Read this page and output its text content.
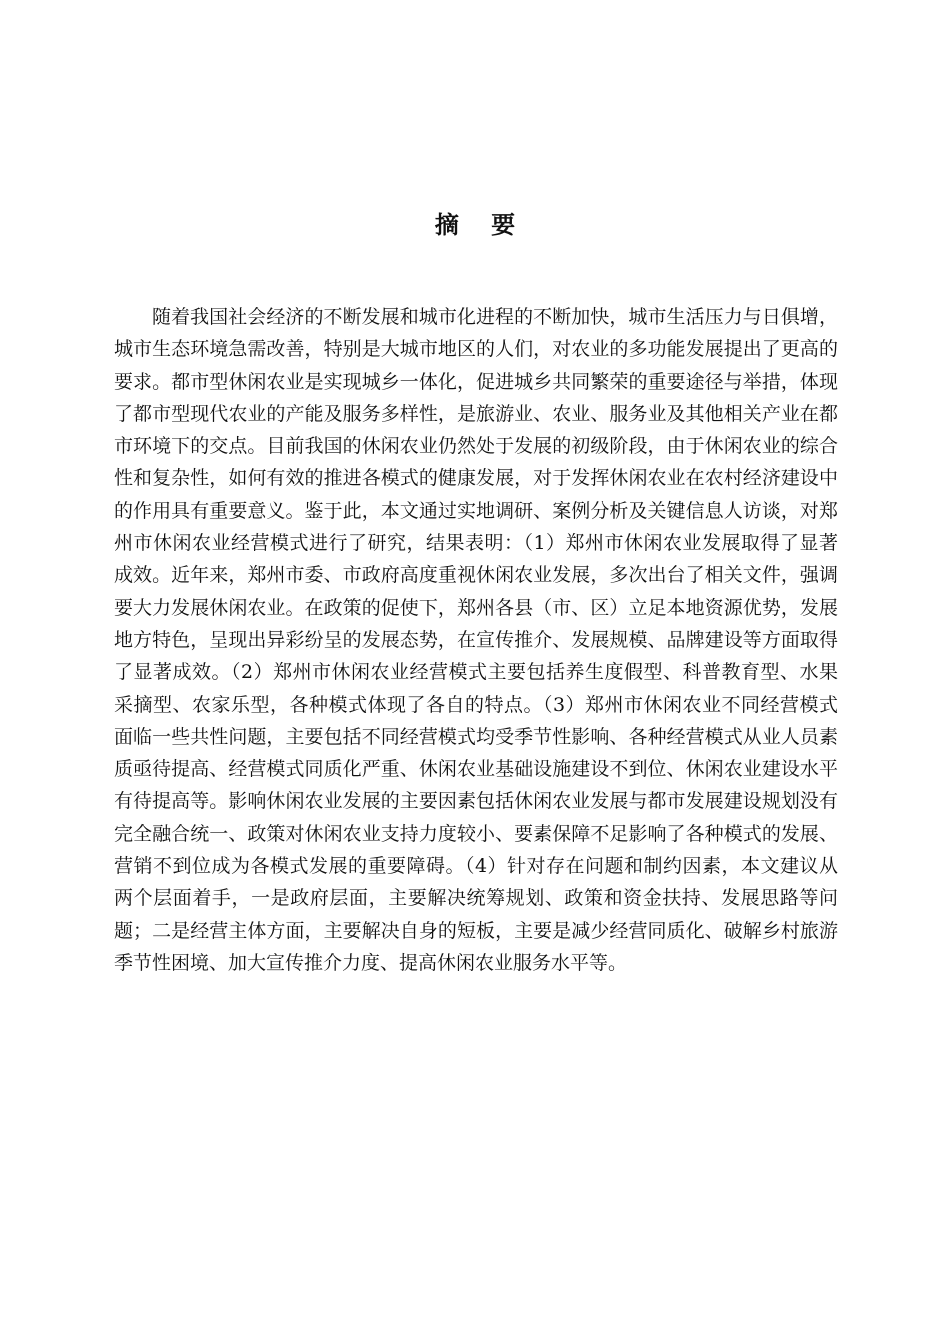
摘 要

随着我国社会经济的不断发展和城市化进程的不断加快，城市生活压力与日俱增，城市生态环境急需改善，特别是大城市地区的人们，对农业的多功能发展提出了更高的要求。都市型休闲农业是实现城乡一体化，促进城乡共同繁荣的重要途径与举措，体现了都市型现代农业的产能及服务多样性，是旅游业、农业、服务业及其他相关产业在都市环境下的交点。目前我国的休闲农业仍然处于发展的初级阶段，由于休闲农业的综合性和复杂性，如何有效的推进各模式的健康发展，对于发挥休闲农业在农村经济建设中的作用具有重要意义。鉴于此，本文通过实地调研、案例分析及关键信息人访谈，对郑州市休闲农业经营模式进行了研究，结果表明：（1）郑州市休闲农业发展取得了显著成效。近年来，郑州市委、市政府高度重视休闲农业发展，多次出台了相关文件，强调要大力发展休闲农业。在政策的促使下，郑州各县（市、区）立足本地资源优势，发展地方特色，呈现出异彩纷呈的发展态势，在宣传推介、发展规模、品牌建设等方面取得了显著成效。（2）郑州市休闲农业经营模式主要包括养生度假型、科普教育型、水果采摘型、农家乐型，各种模式体现了各自的特点。（3）郑州市休闲农业不同经营模式面临一些共性问题，主要包括不同经营模式均受季节性影响、各种经营模式从业人员素质亟待提高、经营模式同质化严重、休闲农业基础设施建设不到位、休闲农业建设水平有待提高等。影响休闲农业发展的主要因素包括休闲农业发展与都市发展建设规划没有完全融合统一、政策对休闲农业支持力度较小、要素保障不足影响了各种模式的发展、营销不到位成为各模式发展的重要障碍。（4）针对存在问题和制约因素，本文建议从两个层面着手，一是政府层面，主要解决统筹规划、政策和资金扶持、发展思路等问题；二是经营主体方面，主要解决自身的短板，主要是减少经营同质化、破解乡村旅游季节性困境、加大宣传推介力度、提高休闲农业服务水平等。
